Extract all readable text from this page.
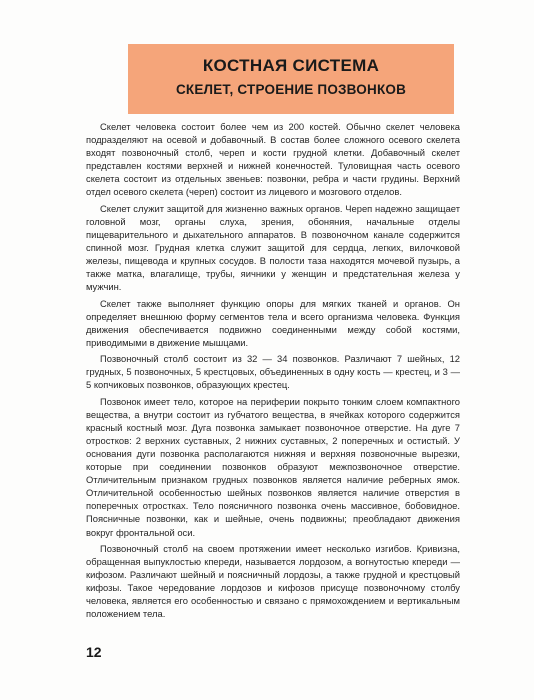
КОСТНАЯ СИСТЕМА
СКЕЛЕТ, СТРОЕНИЕ ПОЗВОНКОВ

Скелет человека состоит более чем из 200 костей. Обычно скелет человека подразделяют на осевой и добавочный. В состав более сложного осевого скелета входят позвоночный столб, череп и кости грудной клетки. Добавочный скелет представлен костями верхней и нижней конечностей. Туловищная часть осевого скелета состоит из отдельных звеньев: позвонки, ребра и части грудины. Верхний отдел осевого скелета (череп) состоит из лицевого и мозгового отделов.

Скелет служит защитой для жизненно важных органов. Череп надежно защищает головной мозг, органы слуха, зрения, обоняния, начальные отделы пищеварительного и дыхательного аппаратов. В позвоночном канале содержится спинной мозг. Грудная клетка служит защитой для сердца, легких, вилочковой железы, пищевода и крупных сосудов. В полости таза находятся мочевой пузырь, а также матка, влагалище, трубы, яичники у женщин и предстательная железа у мужчин.

Скелет также выполняет функцию опоры для мягких тканей и органов. Он определяет внешнюю форму сегментов тела и всего организма человека. Функция движения обеспечивается подвижно соединенными между собой костями, приводимыми в движение мышцами.

Позвоночный столб состоит из 32 — 34 позвонков. Различают 7 шейных, 12 грудных, 5 позвоночных, 5 крестцовых, объединенных в одну кость — крестец, и 3 — 5 копчиковых позвонков, образующих крестец.

Позвонок имеет тело, которое на периферии покрыто тонким слоем компактного вещества, а внутри состоит из губчатого вещества, в ячейках которого содержится красный костный мозг. Дуга позвонка замыкает позвоночное отверстие. На дуге 7 отростков: 2 верхних суставных, 2 нижних суставных, 2 поперечных и остистый. У основания дуги позвонка располагаются нижняя и верхняя позвоночные вырезки, которые при соединении позвонков образуют межпозвоночное отверстие. Отличительным признаком грудных позвонков является наличие реберных ямок. Отличительной особенностью шейных позвонков является наличие отверстия в поперечных отростках. Тело поясничного позвонка очень массивное, бобовидное. Поясничные позвонки, как и шейные, очень подвижны; преобладают движения вокруг фронтальной оси.

Позвоночный столб на своем протяжении имеет несколько изгибов. Кривизна, обращенная выпуклостью кпереди, называется лордозом, а вогнутостью кпереди — кифозом. Различают шейный и поясничный лордозы, а также грудной и крестцовый кифозы. Такое чередование лордозов и кифозов присуще позвоночному столбу человека, является его особенностью и связано с прямохождением и вертикальным положением тела.

12
